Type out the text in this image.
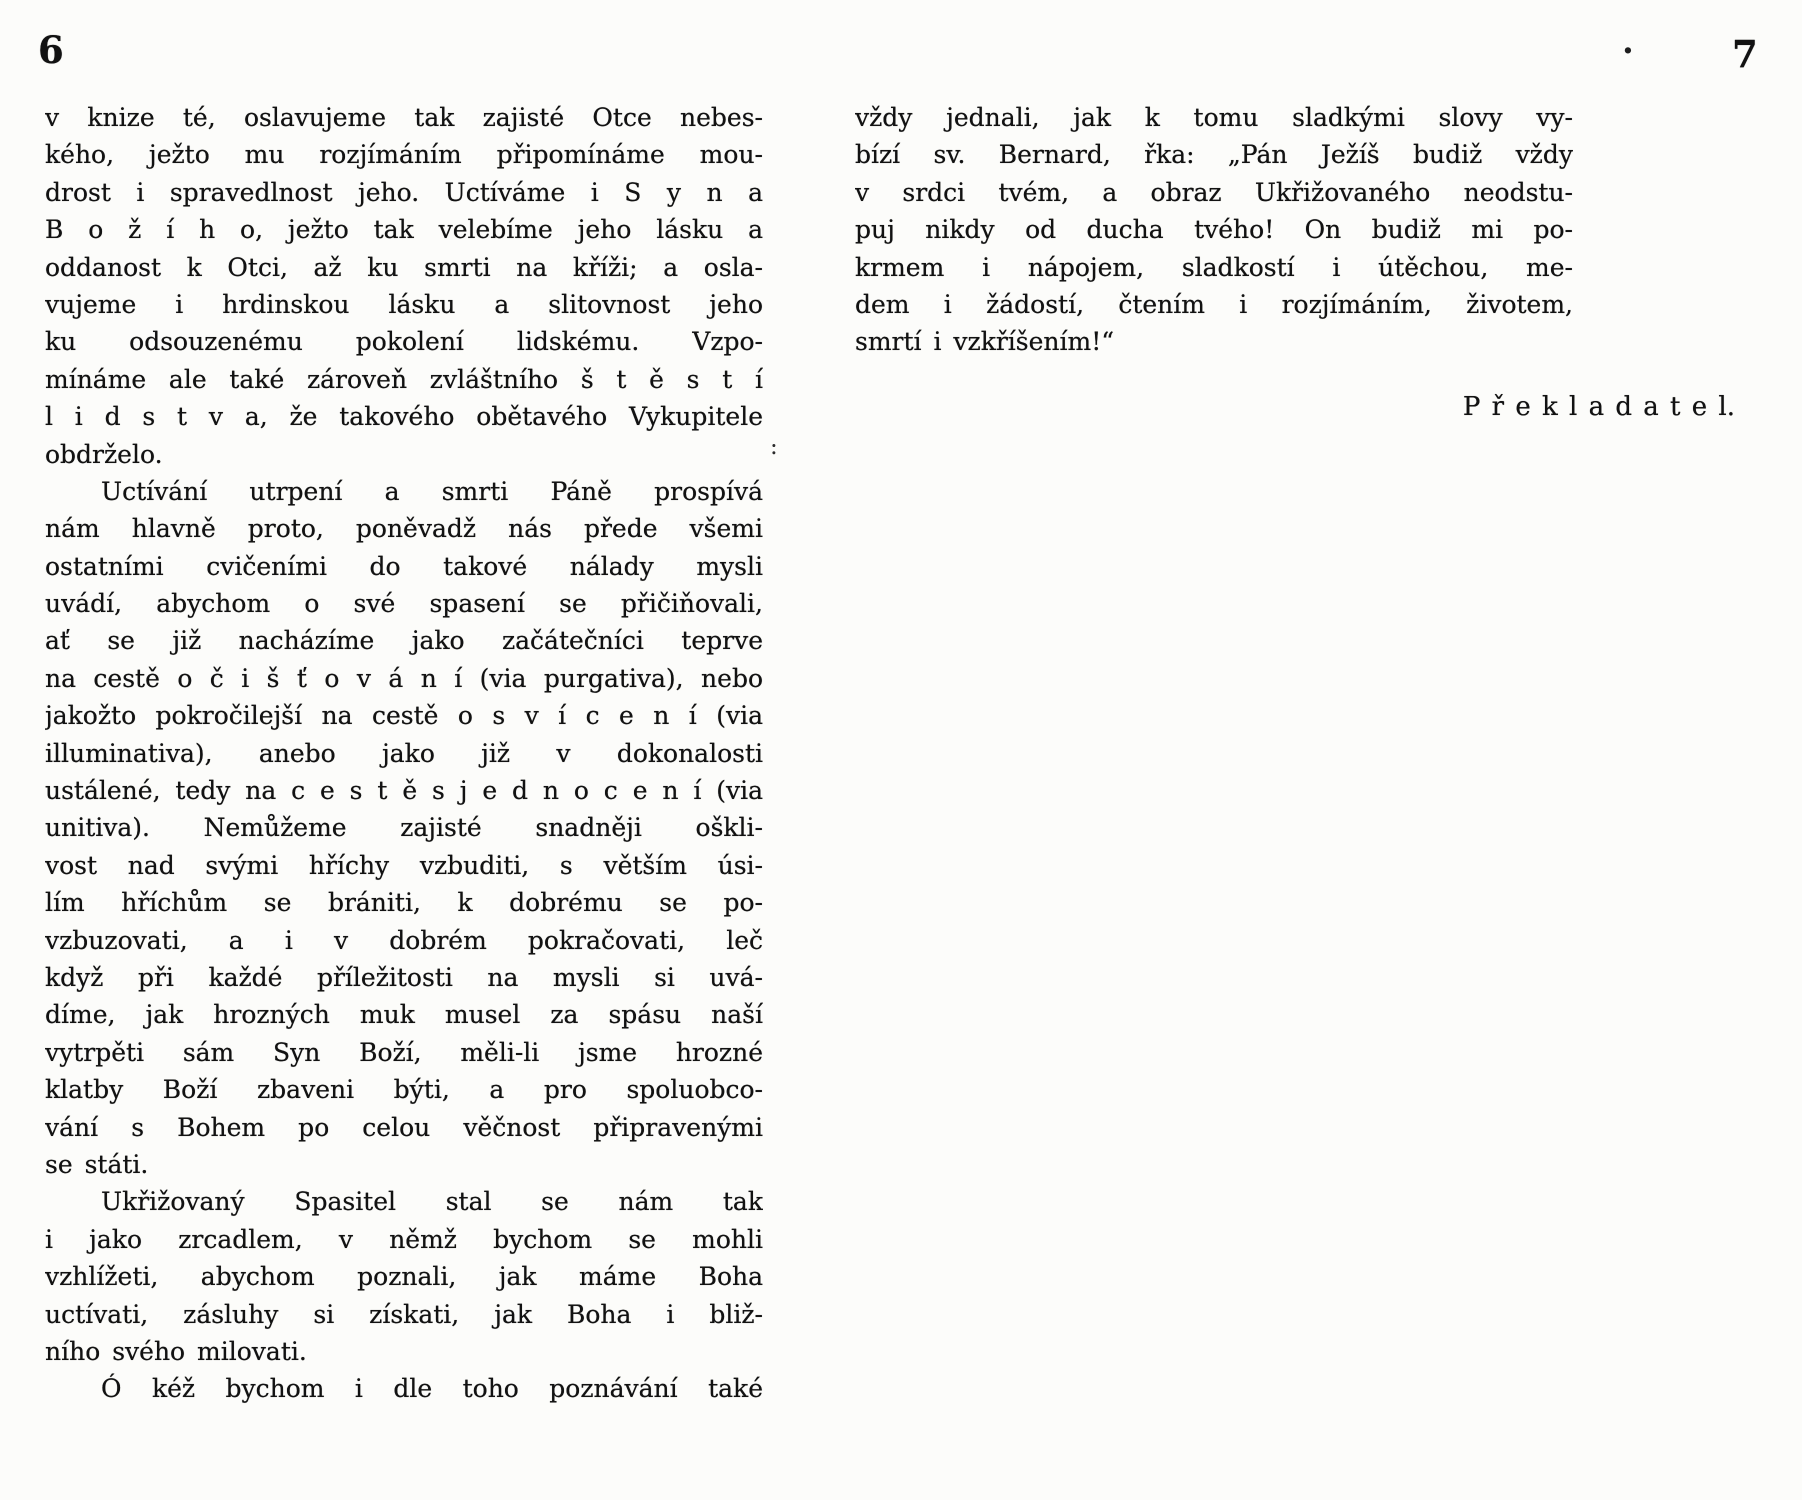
6	7
·
:
v knize té, oslavujeme tak zajisté Otce nebes-
kého, ježto mu rozjímáním připomínáme mou-
drost i spravedlnost jeho. Uctíváme i S y n a
B o ž í h o, ježto tak velebíme jeho lásku a
oddanost k Otci, až ku smrti na kříži; a osla-
vujeme i hrdinskou lásku a slitovnost jeho
ku odsouzenému pokolení lidskému. Vzpo-
mínáme ale také zároveň zvláštního š t ě s t í
l i d s t v a, že takového obětavého Vykupitele
obdrželo.
Uctívání utrpení a smrti Páně prospívá
nám hlavně proto, poněvadž nás přede všemi
ostatními cvičeními do takové nálady mysli
uvádí, abychom o své spasení se přičiňovali,
ať se již nacházíme jako začátečníci teprve
na cestě o č i š ť o v á n í (via purgativa), nebo
jakožto pokročilejší na cestě o s v í c e n í (via
illuminativa), anebo jako již v dokonalosti
ustálené, tedy na c e s t ě s j e d n o c e n í (via
unitiva). Nemůžeme zajisté snadněji oškli-
vost nad svými hříchy vzbuditi, s větším úsi-
lím hříchům se brániti, k dobrému se po-
vzbuzovati, a i v dobrém pokračovati, leč
když při každé příležitosti na mysli si uvá-
díme, jak hrozných muk musel za spásu naší
vytrpěti sám Syn Boží, měli-li jsme hrozné
klatby Boží zbaveni býti, a pro spoluobco-
vání s Bohem po celou věčnost připravenými
se státi.
Ukřižovaný Spasitel stal se nám tak
i jako zrcadlem, v němž bychom se mohli
vzhlížeti, abychom poznali, jak máme Boha
uctívati, zásluhy si získati, jak Boha i bliž-
ního svého milovati.
Ó kéž bychom i dle toho poznávání také
vždy jednali, jak k tomu sladkými slovy vy-
bízí sv. Bernard, řka: „Pán Ježíš budiž vždy
v srdci tvém, a obraz Ukřižovaného neodstu-
puj nikdy od ducha tvého! On budiž mi po-
krmem i nápojem, sladkostí i útěchou, me-
dem i žádostí, čtením i rozjímáním, životem,
smrtí i vzkříšením!“
P ř e k l a d a t e l.
